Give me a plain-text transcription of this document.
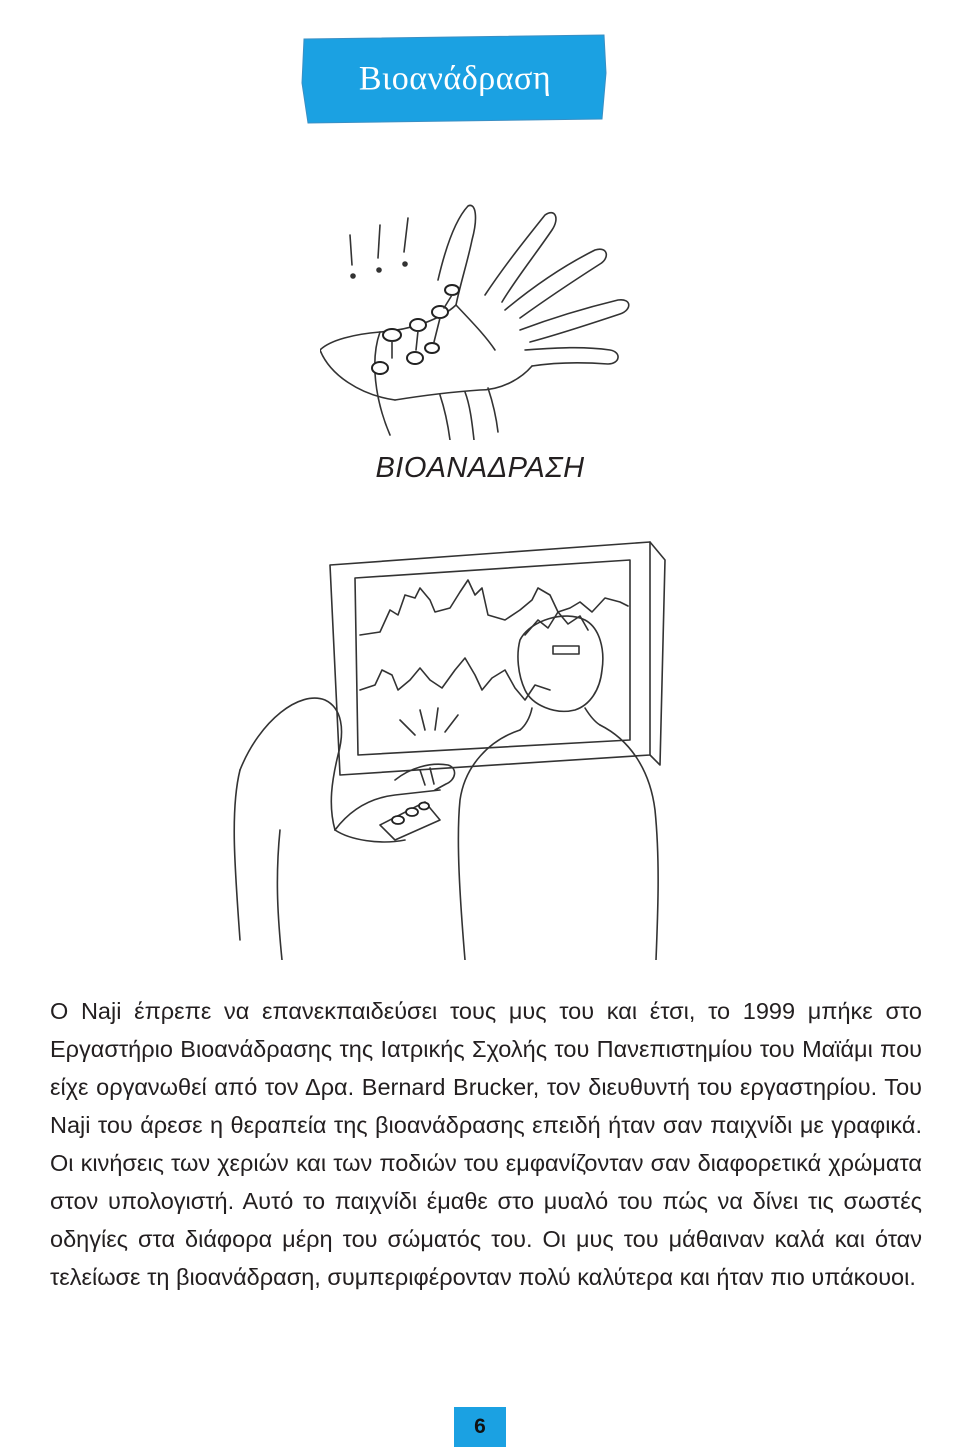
Βιοανάδραση
ΒΙΟΑΝΑΔΡΑΣΗ

Ο Naji έπρεπε να επανεκπαιδεύσει τους μυς του και έτσι, το 1999 μπήκε στο Εργαστήριο Βιοανάδρασης της Ιατρικής Σχολής του Πανεπιστημίου του Μαϊάμι που είχε οργανωθεί από τον Δρα. Bernard Brucker, τον διευθυντή του εργαστηρίου. Του Naji του άρεσε η θεραπεία της βιοανάδρασης επειδή ήταν σαν παιχνίδι με γραφικά. Οι κινήσεις των χεριών και των ποδιών του εμφανίζονταν σαν διαφορετικά χρώματα στον υπολογιστή. Αυτό το παιχνίδι έμαθε στο μυαλό του πώς να δίνει τις σωστές οδηγίες στα διάφορα μέρη του σώματός του. Οι μυς του μάθαιναν καλά και όταν τελείωσε τη βιοανάδραση, συμπεριφέρονταν πολύ καλύτερα και ήταν πιο υπάκουοι.

6
